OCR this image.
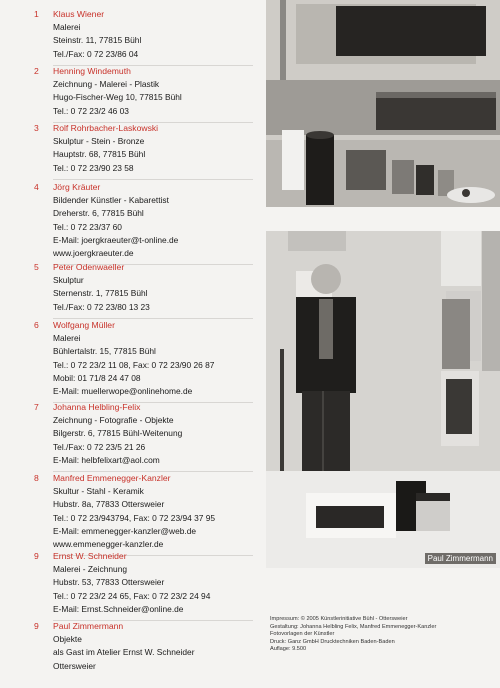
1 Klaus Wiener
Malerei
Steinstr. 11, 77815 Bühl
Tel./Fax: 0 72 23/86 04
2 Henning Windemuth
Zeichnung - Malerei - Plastik
Hugo-Fischer-Weg 10, 77815 Bühl
Tel.: 0 72 23/2 46 03
3 Rolf Rohrbacher-Laskowski
Skulptur - Stein - Bronze
Hauptstr. 68, 77815 Bühl
Tel.: 0 72 23/90 23 58
4 Jörg Kräuter
Bildender Künstler - Kabarettist
Dreherstr. 6, 77815 Bühl
Tel.: 0 72 23/37 60
E-Mail: joergkraeuter@t-online.de
www.joergkraeuter.de
5 Peter Odenwaeller
Skulptur
Sternenstr. 1, 77815 Bühl
Tel./Fax: 0 72 23/80 13 23
6 Wolfgang Müller
Malerei
Bühlertalstr. 15, 77815 Bühl
Tel.: 0 72 23/2 11 08, Fax: 0 72 23/90 26 87
Mobil: 01 71/8 24 47 08
E-Mail: muellerwope@onlinehome.de
7 Johanna Helbling-Felix
Zeichnung - Fotografie - Objekte
Bilgerstr. 6, 77815 Bühl-Weitenung
Tel./Fax: 0 72 23/5 21 26
E-Mail: helbfelixart@aol.com
8 Manfred Emmenegger-Kanzler
Skultur - Stahl - Keramik
Hubstr. 8a, 77833 Ottersweier
Tel.: 0 72 23/943794, Fax: 0 72 23/94 37 95
E-Mail: emmenegger-kanzler@web.de
www.emmenegger-kanzler.de
9 Ernst W. Schneider
Malerei - Zeichnung
Hubstr. 53, 77833 Ottersweier
Tel.: 0 72 23/2 24 65, Fax: 0 72 23/2 24 94
E-Mail: Ernst.Schneider@online.de
9 Paul Zimmermann
Objekte
als Gast im Atelier Ernst W. Schneider
Ottersweier
Paul Zimmermann
Impressum: © 2005 Künstlerinitiative Bühl - Ottersweier
Gestaltung: Johanna Helbling Felix, Manfred Emmenegger-Kanzler
Fotovorlagen der Künstler
Druck: Ganz GmbH Drucktechniken Baden-Baden
Auflage: 9.500
